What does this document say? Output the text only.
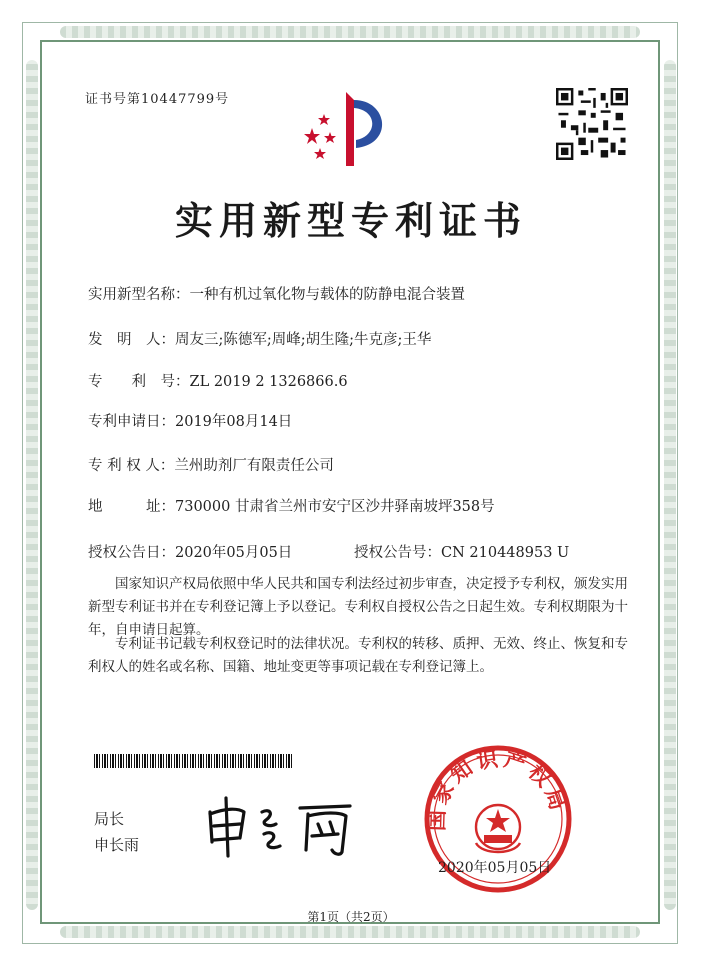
证书号第10447799号
实用新型专利证书
实用新型名称：一种有机过氧化物与载体的防静电混合装置
发　明　人：周友三;陈德军;周峰;胡生隆;牛克彦;王华
专　　利　号：ZL 2019 2 1326866.6
专利申请日：2019年08月14日
专 利 权 人：兰州助剂厂有限责任公司
地　　　址：730000 甘肃省兰州市安宁区沙井驿南坡坪358号
授权公告日：2020年05月05日	授权公告号：CN 210448953 U
国家知识产权局依照中华人民共和国专利法经过初步审查，决定授予专利权，颁发实用新型专利证书并在专利登记簿上予以登记。专利权自授权公告之日起生效。专利权期限为十年，自申请日起算。
专利证书记载专利权登记时的法律状况。专利权的转移、质押、无效、终止、恢复和专利权人的姓名或名称、国籍、地址变更等事项记载在专利登记簿上。
局长
申长雨
国家知识产权局
2020年05月05日
第1页（共2页）
